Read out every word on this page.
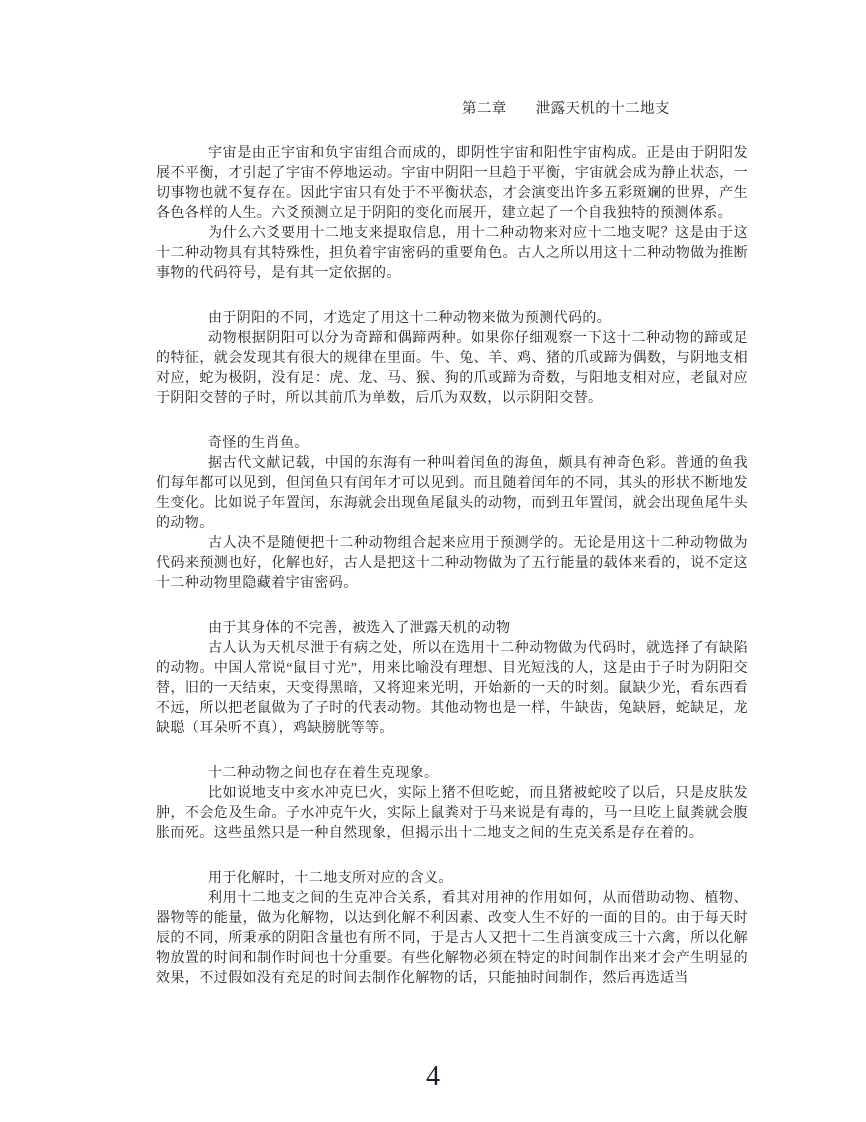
第二章 泄露天机的十二地支

宇宙是由正宇宙和负宇宙组合而成的，即阴性宇宙和阳性宇宙构成。正是由于阴阳发展不平衡，才引起了宇宙不停地运动。宇宙中阴阳一旦趋于平衡，宇宙就会成为静止状态，一切事物也就不复存在。因此宇宙只有处于不平衡状态，才会演变出许多五彩斑斓的世界，产生各色各样的人生。六爻预测立足于阴阳的变化而展开，建立起了一个自我独特的预测体系。

为什么六爻要用十二地支来提取信息，用十二种动物来对应十二地支呢？这是由于这十二种动物具有其特殊性，担负着宇宙密码的重要角色。古人之所以用这十二种动物做为推断事物的代码符号，是有其一定依据的。

由于阴阳的不同，才选定了用这十二种动物来做为预测代码的。

动物根据阴阳可以分为奇蹄和偶蹄两种。如果你仔细观察一下这十二种动物的蹄或足的特征，就会发现其有很大的规律在里面。牛、兔、羊、鸡、猪的爪或蹄为偶数，与阴地支相对应，蛇为极阴，没有足：虎、龙、马、猴、狗的爪或蹄为奇数，与阳地支相对应，老鼠对应于阴阳交替的子时，所以其前爪为单数，后爪为双数，以示阴阳交替。

奇怪的生肖鱼。

据古代文献记载，中国的东海有一种叫着闰鱼的海鱼，颇具有神奇色彩。普通的鱼我们每年都可以见到，但闰鱼只有闰年才可以见到。而且随着闰年的不同，其头的形状不断地发生变化。比如说子年置闰，东海就会出现鱼尾鼠头的动物，而到丑年置闰，就会出现鱼尾牛头的动物。

古人决不是随便把十二种动物组合起来应用于预测学的。无论是用这十二种动物做为代码来预测也好，化解也好，古人是把这十二种动物做为了五行能量的载体来看的，说不定这十二种动物里隐藏着宇宙密码。

由于其身体的不完善，被选入了泄露天机的动物

古人认为天机尽泄于有病之处，所以在选用十二种动物做为代码时，就选择了有缺陷的动物。中国人常说“鼠目寸光”，用来比喻没有理想、目光短浅的人，这是由于子时为阴阳交替，旧的一天结束，天变得黑暗，又将迎来光明，开始新的一天的时刻。鼠缺少光，看东西看不远，所以把老鼠做为了子时的代表动物。其他动物也是一样，牛缺齿，兔缺唇，蛇缺足，龙缺聪（耳朵听不真），鸡缺膀胱等等。

十二种动物之间也存在着生克现象。

比如说地支中亥水冲克巳火，实际上猪不但吃蛇，而且猪被蛇咬了以后，只是皮肤发肿，不会危及生命。子水冲克午火，实际上鼠粪对于马来说是有毒的，马一旦吃上鼠粪就会腹胀而死。这些虽然只是一种自然现象，但揭示出十二地支之间的生克关系是存在着的。

用于化解时，十二地支所对应的含义。

利用十二地支之间的生克冲合关系，看其对用神的作用如何，从而借助动物、植物、器物等的能量，做为化解物，以达到化解不利因素、改变人生不好的一面的目的。由于每天时辰的不同，所秉承的阴阳含量也有所不同，于是古人又把十二生肖演变成三十六禽，所以化解物放置的时间和制作时间也十分重要。有些化解物必须在特定的时间制作出来才会产生明显的效果，不过假如没有充足的时间去制作化解物的话，只能抽时间制作，然后再选适当

4
